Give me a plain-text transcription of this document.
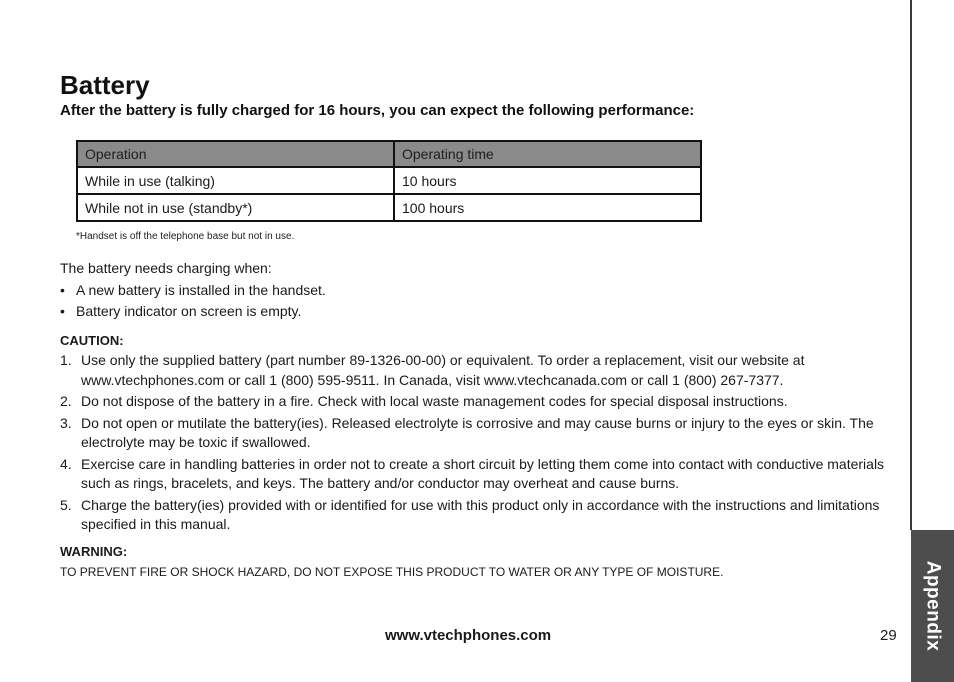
Appendix
Battery

After the battery is fully charged for 16 hours, you can expect the following performance:

Operation	Operating time
While in use (talking)	10 hours
While not in use (standby*)	100 hours
*Handset is off the telephone base but not in use.
The battery needs charging when:
• A new battery is installed in the handset.
• Battery indicator on screen is empty.
CAUTION:
1. Use only the supplied battery (part number 89-1326-00-00) or equivalent. To order a replacement, visit our website at www.vtechphones.com or call 1 (800) 595-9511. In Canada, visit www.vtechcanada.com or call 1 (800) 267-7377.
2. Do not dispose of the battery in a fire. Check with local waste management codes for special disposal instructions.
3. Do not open or mutilate the battery(ies). Released electrolyte is corrosive and may cause burns or injury to the eyes or skin. The electrolyte may be toxic if swallowed.
4. Exercise care in handling batteries in order not to create a short circuit by letting them come into contact with conductive materials such as rings, bracelets, and keys. The battery and/or conductor may overheat and cause burns.
5. Charge the battery(ies) provided with or identified for use with this product only in accordance with the instructions and limitations specified in this manual.
WARNING:
TO PREVENT FIRE OR SHOCK HAZARD, DO NOT EXPOSE THIS PRODUCT TO WATER OR ANY TYPE OF MOISTURE.
www.vtechphones.com	29
